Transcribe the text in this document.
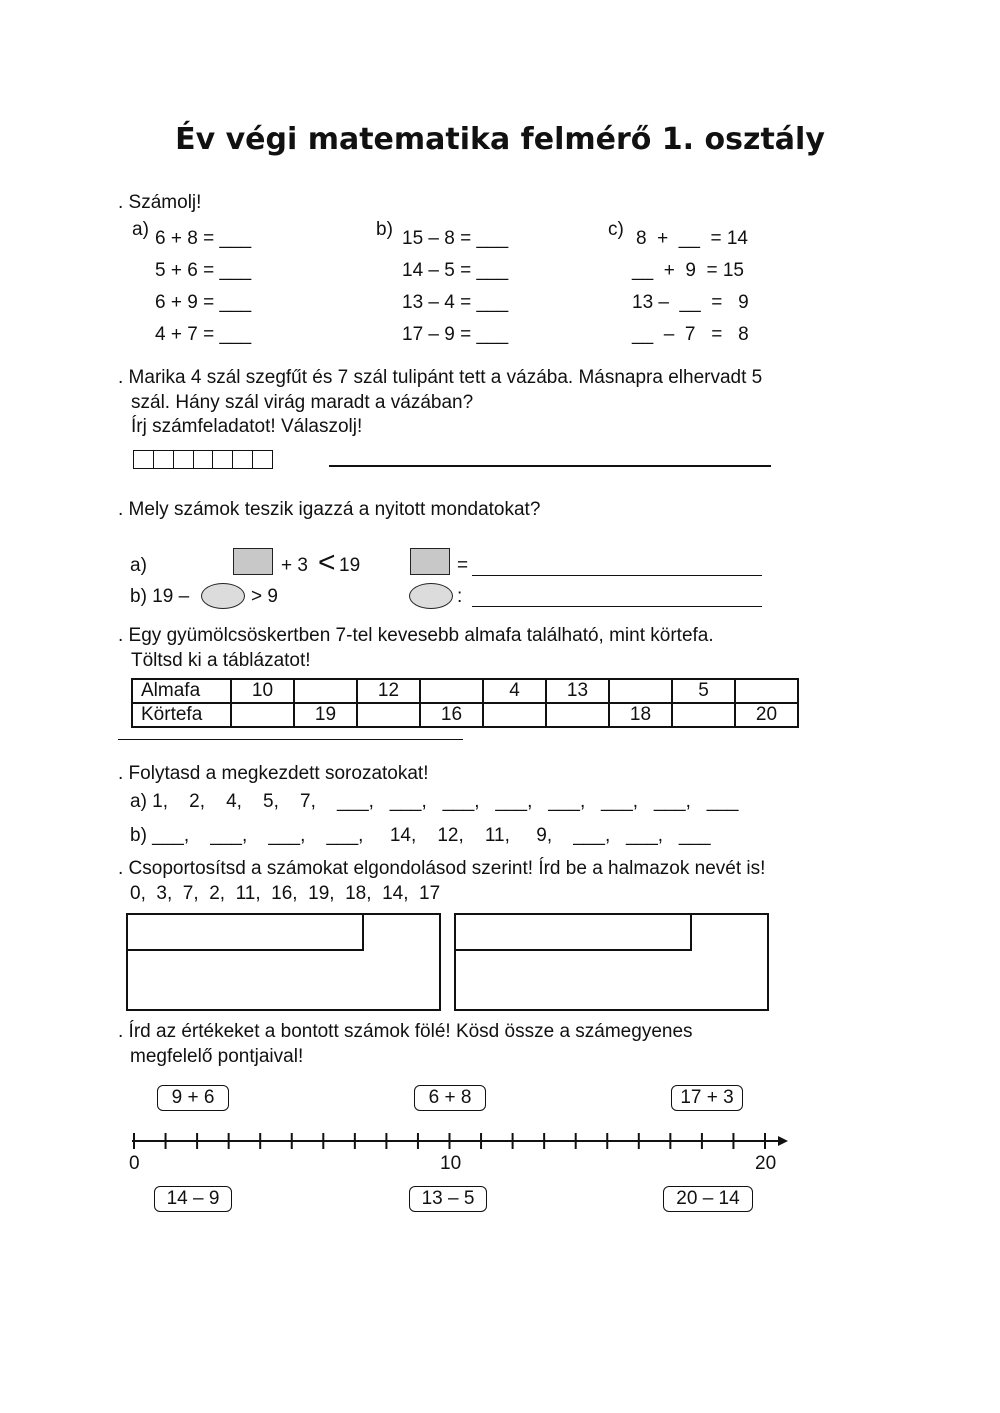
Év végi matematika felmérő 1. osztály
. Számolj!
a) 6 + 8 = ___
5 + 6 = ___
6 + 9 = ___
4 + 7 = ___
b) 15 – 8 = ___
14 – 5 = ___
13 – 4 = ___
17 – 9 = ___
c) 8  +  __  = 14
__  +  9  = 15
13 –  __  =   9
__  –  7   =   8
. Marika 4 szál szegfűt és 7 szál tulipánt tett a vázába. Másnapra elhervadt 5
szál. Hány szál virág maradt a vázában?
Írj számfeladatot! Válaszolj!
. Mely számok teszik igazzá a nyitott mondatokat?
a)	+ 3 < 19	=
b) 19 –	> 9	:
. Egy gyümölcsöskertben 7-tel kevesebb almafa található, mint körtefa.
Töltsd ki a táblázatot!
Almafa	10		12		4	13		5	
Körtefa		19		16			18		20
. Folytasd a megkezdett sorozatokat!
a) 1,    2,    4,    5,    7,    ___,   ___,   ___,   ___,   ___,   ___,   ___,   ___
b) ___,    ___,    ___,    ___,     14,    12,    11,     9,    ___,   ___,   ___
. Csoportosítsd a számokat elgondolásod szerint! Írd be a halmazok nevét is!
0,  3,  7,  2,  11,  16,  19,  18,  14,  17
. Írd az értékeket a bontott számok fölé! Kösd össze a számegyenes
megfelelő pontjaival!
9 + 6	6 + 8	17 + 3
0	10	20
14 – 9	13 – 5	20 – 14
